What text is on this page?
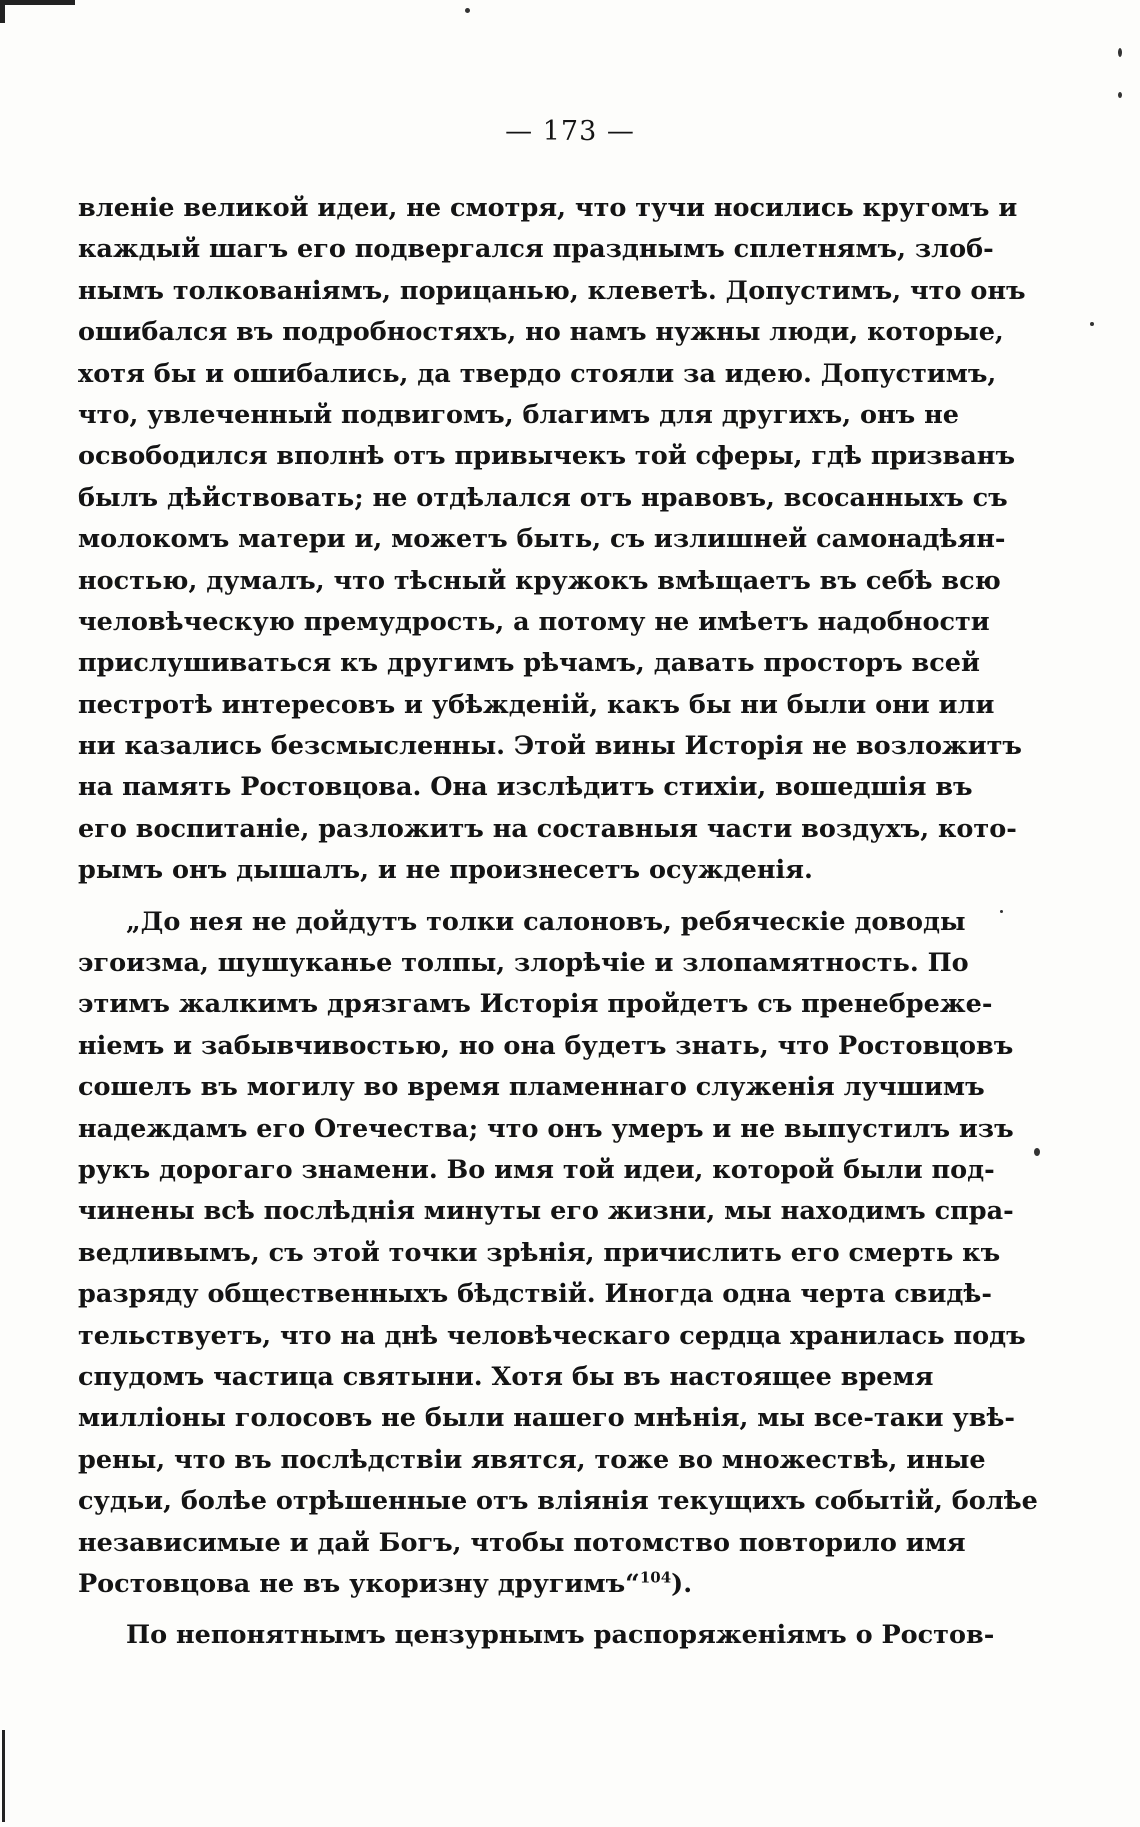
— 173 —
вленіе великой идеи, не смотря, что тучи носились кругомъ и
каждый шагъ его подвергался празднымъ сплетнямъ, злоб-
нымъ толкованіямъ, порицанью, клеветѣ. Допустимъ, что онъ
ошибался въ подробностяхъ, но намъ нужны люди, которые,
хотя бы и ошибались, да твердо стояли за идею. Допустимъ,
что, увлеченный подвигомъ, благимъ для другихъ, онъ не
освободился вполнѣ отъ привычекъ той сферы, гдѣ призванъ
былъ дѣйствовать; не отдѣлался отъ нравовъ, всосанныхъ съ
молокомъ матери и, можетъ быть, съ излишней самонадѣян-
ностью, думалъ, что тѣсный кружокъ вмѣщаетъ въ себѣ всю
человѣческую премудрость, а потому не имѣетъ надобности
прислушиваться къ другимъ рѣчамъ, давать просторъ всей
пестротѣ интересовъ и убѣжденій, какъ бы ни были они или
ни казались безсмысленны. Этой вины Исторія не возложитъ
на память Ростовцова. Она изслѣдитъ стихіи, вошедшія въ
его воспитаніе, разложитъ на составныя части воздухъ, кото-
рымъ онъ дышалъ, и не произнесетъ осужденія.
„До нея не дойдутъ толки салоновъ, ребяческіе доводы
эгоизма, шушуканье толпы, злорѣчіе и злопамятность. По
этимъ жалкимъ дрязгамъ Исторія пройдетъ съ пренебреже-
ніемъ и забывчивостью, но она будетъ знать, что Ростовцовъ
сошелъ въ могилу во время пламеннаго служенія лучшимъ
надеждамъ его Отечества; что онъ умеръ и не выпустилъ изъ
рукъ дорогаго знамени. Во имя той идеи, которой были под-
чинены всѣ послѣднія минуты его жизни, мы находимъ спра-
ведливымъ, съ этой точки зрѣнія, причислить его смерть къ
разряду общественныхъ бѣдствій. Иногда одна черта свидѣ-
тельствуетъ, что на днѣ человѣческаго сердца хранилась подъ
спудомъ частица святыни. Хотя бы въ настоящее время
милліоны голосовъ не были нашего мнѣнія, мы все-таки увѣ-
рены, что въ послѣдствіи явятся, тоже во множествѣ, иные
судьи, болѣе отрѣшенные отъ вліянія текущихъ событій, болѣе
независимые и дай Богъ, чтобы потомство повторило имя
Ростовцова не въ укоризну другимъ“$^{104}$).
По непонятнымъ цензурнымъ распоряженіямъ о Ростов-
